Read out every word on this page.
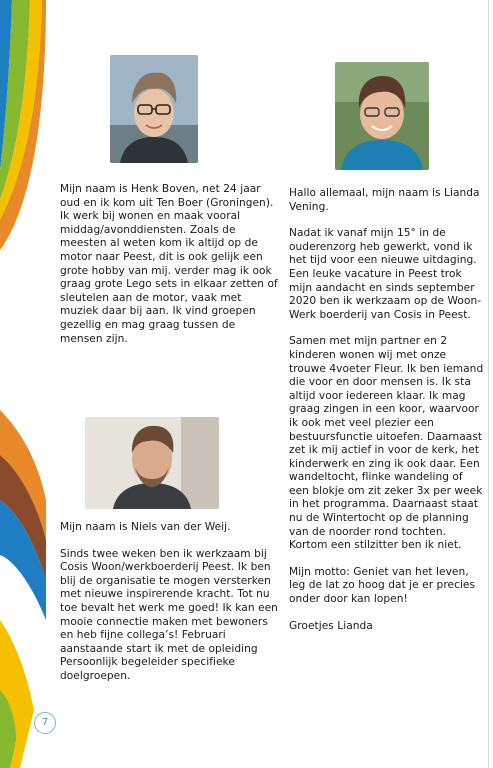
Mijn naam is Henk Boven, net 24 jaar oud en ik kom uit Ten Boer (Groningen). Ik werk bij wonen en maak vooral middag/avonddiensten. Zoals de meesten al weten kom ik altijd op de motor naar Peest, dit is ook gelijk een grote hobby van mij. verder mag ik ook graag grote Lego sets in elkaar zetten of sleutelen aan de motor, vaak met muziek daar bij aan. Ik vind groepen gezellig en mag graag tussen de mensen zijn.

Mijn naam is Niels van der Weij.

Sinds twee weken ben ik werkzaam bij Cosis Woon/werkboerderij Peest. Ik ben blij de organisatie te mogen versterken met nieuwe inspirerende kracht. Tot nu toe bevalt het werk me goed! Ik kan een mooie connectie maken met bewoners en heb fijne collega’s! Februari aanstaande start ik met de opleiding Persoonlijk begeleider specifieke doelgroepen.

Hallo allemaal, mijn naam is Lianda Vening.

Nadat ik vanaf mijn 15° in de ouderenzorg heb gewerkt, vond ik het tijd voor een nieuwe uitdaging.

Een leuke vacature in Peest trok mijn aandacht en sinds september 2020 ben ik werkzaam op de Woon-Werk boerderij van Cosis in Peest.

Samen met mijn partner en 2 kinderen wonen wij met onze trouwe 4voeter Fleur. Ik ben iemand die voor en door mensen is. Ik sta altijd voor iedereen klaar. Ik mag graag zingen in een koor, waarvoor ik ook met veel plezier een bestuursfunctie uitoefen. Daarnaast zet ik mij actief in voor de kerk, het kinderwerk en zing ik ook daar. Een wandeltocht, flinke wandeling of een blokje om zit zeker 3x per week in het programma. Daarnaast staat nu de Wintertocht op de planning van de noorder rond tochten. Kortom een stilzitter ben ik niet.

Mijn motto: Geniet van het leven, leg de lat zo hoog dat je er precies onder door kan lopen!

Groetjes Lianda

7
